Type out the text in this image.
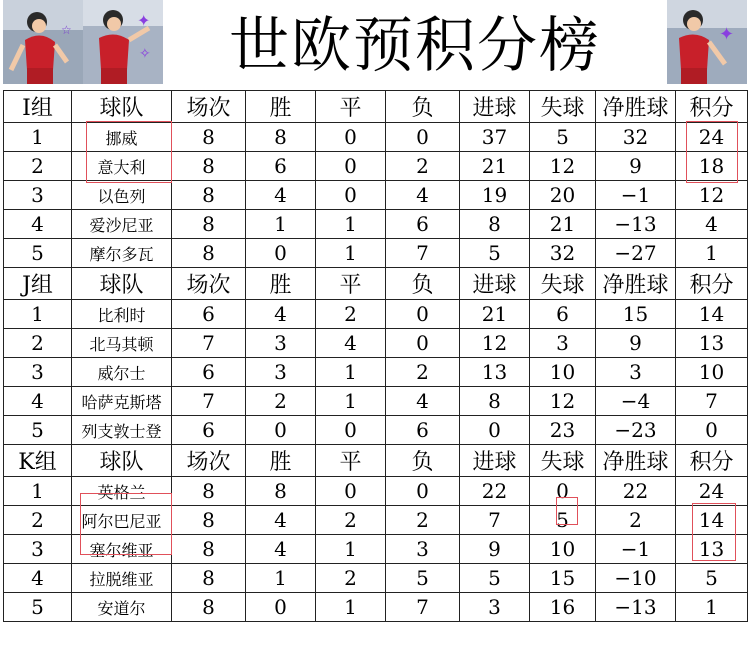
☆	✦
✧	世欧预积分榜	✦
I组	球队	场次	胜	平	负	进球	失球	净胜球	积分
1	挪威	8	8	0	0	37	5	32	24
2	意大利	8	6	0	2	21	12	9	18
3	以色列	8	4	0	4	19	20	−1	12
4	爱沙尼亚	8	1	1	6	8	21	−13	4
5	摩尔多瓦	8	0	1	7	5	32	−27	1
J组	球队	场次	胜	平	负	进球	失球	净胜球	积分
1	比利时	6	4	2	0	21	6	15	14
2	北马其顿	7	3	4	0	12	3	9	13
3	威尔士	6	3	1	2	13	10	3	10
4	哈萨克斯塔	7	2	1	4	8	12	−4	7
5	列支敦士登	6	0	0	6	0	23	−23	0
K组	球队	场次	胜	平	负	进球	失球	净胜球	积分
1	英格兰	8	8	0	0	22	0	22	24
2	阿尔巴尼亚	8	4	2	2	7	5	2	14
3	塞尔维亚	8	4	1	3	9	10	−1	13
4	拉脱维亚	8	1	2	5	5	15	−10	5
5	安道尔	8	0	1	7	3	16	−13	1
